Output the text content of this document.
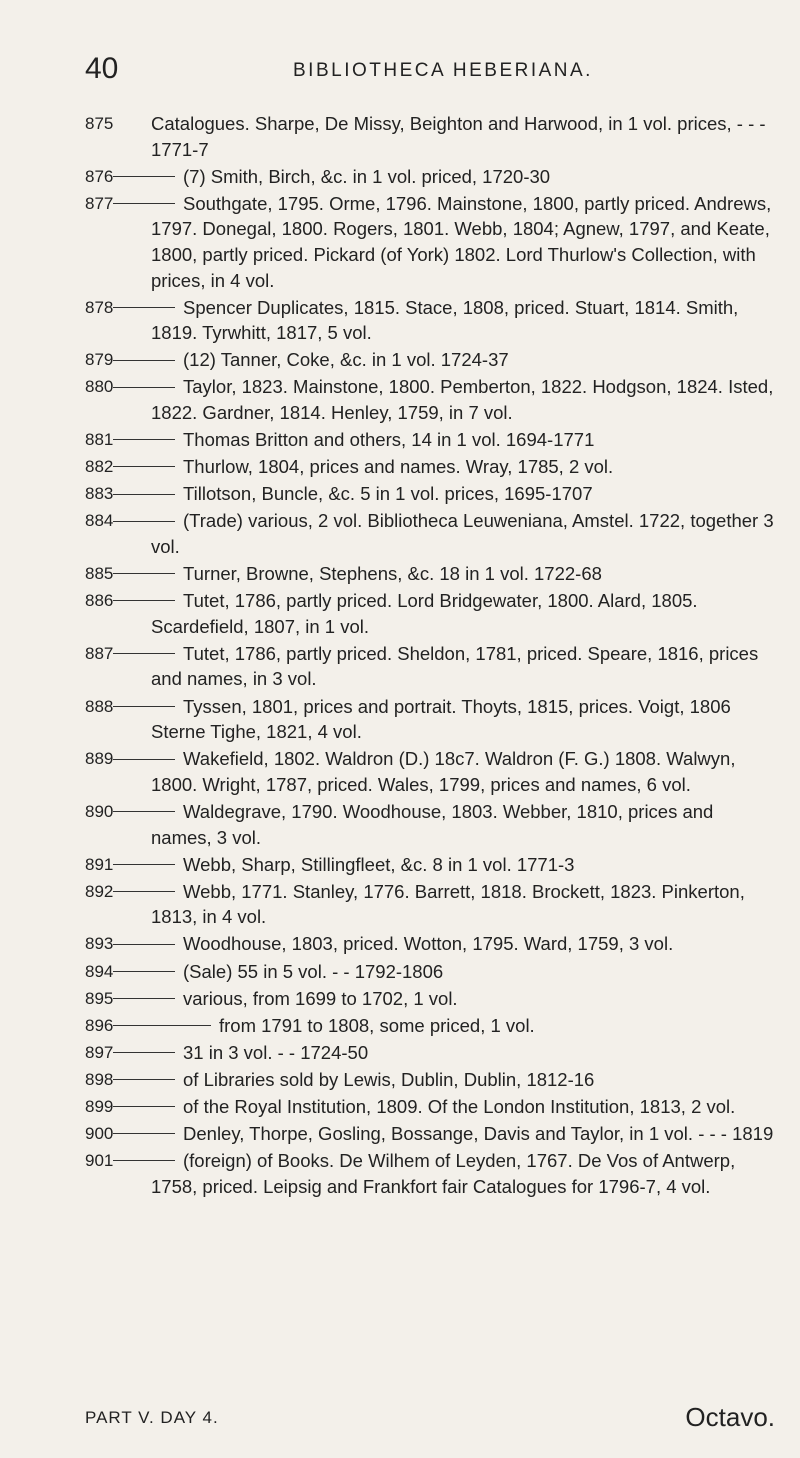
40	BIBLIOTHECA HEBERIANA.
875	Catalogues. Sharpe, De Missy, Beighton and Harwood, in 1 vol. prices, - - - 1771-7
876	(7) Smith, Birch, &c. in 1 vol. priced, 1720-30
877	Southgate, 1795. Orme, 1796. Mainstone, 1800, partly priced. Andrews, 1797. Donegal, 1800. Rogers, 1801. Webb, 1804; Agnew, 1797, and Keate, 1800, partly priced. Pickard (of York) 1802. Lord Thurlow's Collection, with prices, in 4 vol.
878	Spencer Duplicates, 1815. Stace, 1808, priced. Stuart, 1814. Smith, 1819. Tyrwhitt, 1817, 5 vol.
879	(12) Tanner, Coke, &c. in 1 vol. 1724-37
880	Taylor, 1823. Mainstone, 1800. Pemberton, 1822. Hodgson, 1824. Isted, 1822. Gardner, 1814. Henley, 1759, in 7 vol.
881	Thomas Britton and others, 14 in 1 vol. 1694-1771
882	Thurlow, 1804, prices and names. Wray, 1785, 2 vol.
883	Tillotson, Buncle, &c. 5 in 1 vol. prices, 1695-1707
884	(Trade) various, 2 vol. Bibliotheca Leuweniana, Amstel. 1722, together 3 vol.
885	Turner, Browne, Stephens, &c. 18 in 1 vol. 1722-68
886	Tutet, 1786, partly priced. Lord Bridgewater, 1800. Alard, 1805. Scardefield, 1807, in 1 vol.
887	Tutet, 1786, partly priced. Sheldon, 1781, priced. Speare, 1816, prices and names, in 3 vol.
888	Tyssen, 1801, prices and portrait. Thoyts, 1815, prices. Voigt, 1806 Sterne Tighe, 1821, 4 vol.
889	Wakefield, 1802. Waldron (D.) 18c7. Waldron (F. G.) 1808. Walwyn, 1800. Wright, 1787, priced. Wales, 1799, prices and names, 6 vol.
890	Waldegrave, 1790. Woodhouse, 1803. Webber, 1810, prices and names, 3 vol.
891	Webb, Sharp, Stillingfleet, &c. 8 in 1 vol. 1771-3
892	Webb, 1771. Stanley, 1776. Barrett, 1818. Brockett, 1823. Pinkerton, 1813, in 4 vol.
893	Woodhouse, 1803, priced. Wotton, 1795. Ward, 1759, 3 vol.
894	(Sale) 55 in 5 vol. - - 1792-1806
895	various, from 1699 to 1702, 1 vol.
896	from 1791 to 1808, some priced, 1 vol.
897	31 in 3 vol. - - 1724-50
898	of Libraries sold by Lewis, Dublin, Dublin, 1812-16
899	of the Royal Institution, 1809. Of the London Institution, 1813, 2 vol.
900	Denley, Thorpe, Gosling, Bossange, Davis and Taylor, in 1 vol. - - - 1819
901	(foreign) of Books. De Wilhem of Leyden, 1767. De Vos of Antwerp, 1758, priced. Leipsig and Frankfort fair Catalogues for 1796-7, 4 vol.
PART V. DAY 4.	Octavo.
